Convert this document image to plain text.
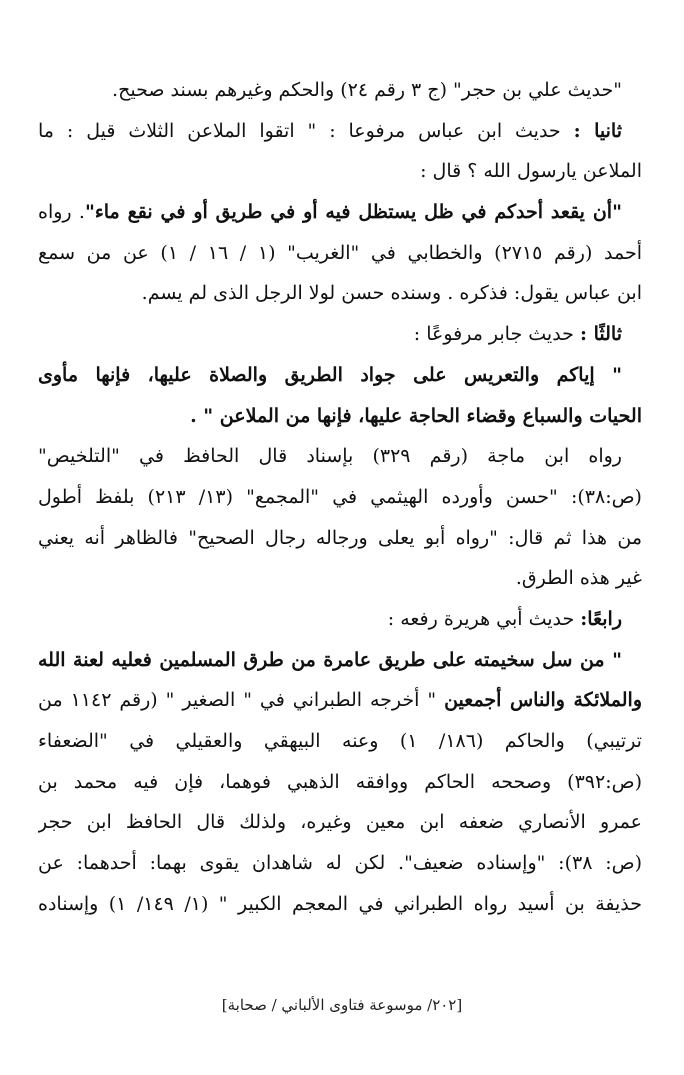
"حديث علي بن حجر" (ج ٣ رقم ٢٤) والحكم وغيرهم بسند صحيح.
ثانيا : حديث ابن عباس مرفوعا : " اتقوا الملاعن الثلاث قيل : ما
الملاعن يارسول الله ؟ قال :
"أن يقعد أحدكم في ظل يستظل فيه أو في طريق أو في نقع ماء". رواه
أحمد (رقم ٢٧١٥) والخطابي في "الغريب" (١ / ١٦ / ١) عن من سمع
ابن عباس يقول: فذكره . وسنده حسن لولا الرجل الذى لم يسم.
ثالثًا : حديث جابر مرفوعًا :
" إياكم والتعريس على جواد الطريق والصلاة عليها، فإنها مأوى
الحيات والسباع وقضاء الحاجة عليها، فإنها من الملاعن " .
رواه ابن ماجة (رقم ٣٢٩) بإسناد قال الحافظ في "التلخيص"
(ص:٣٨): "حسن وأورده الهيثمي في "المجمع" (١٣/ ٢١٣) بلفظ أطول
من هذا ثم قال: "رواه أبو يعلى ورجاله رجال الصحيح" فالظاهر أنه يعني
غير هذه الطرق.
رابعًا: حديث أبي هريرة رفعه :
" من سل سخيمته على طريق عامرة من طرق المسلمين فعليه لعنة الله
والملائكة والناس أجمعين " أخرجه الطبراني في " الصغير " (رقم ١١٤٢ من
ترتيبي) والحاكم (١٨٦/ ١) وعنه البيهقي والعقيلي في "الضعفاء
(ص:٣٩٢) وصححه الحاكم ووافقه الذهبي فوهما، فإن فيه محمد بن
عمرو الأنصاري ضعفه ابن معين وغيره، ولذلك قال الحافظ ابن حجر
(ص: ٣٨): "وإسناده ضعيف". لكن له شاهدان يقوى بهما: أحدهما: عن
حذيفة بن أسيد رواه الطبراني في المعجم الكبير " (١/ ١٤٩/ ١) وإسناده
[٢٠٢/ موسوعة فتاوى الألباني / صحابة]
